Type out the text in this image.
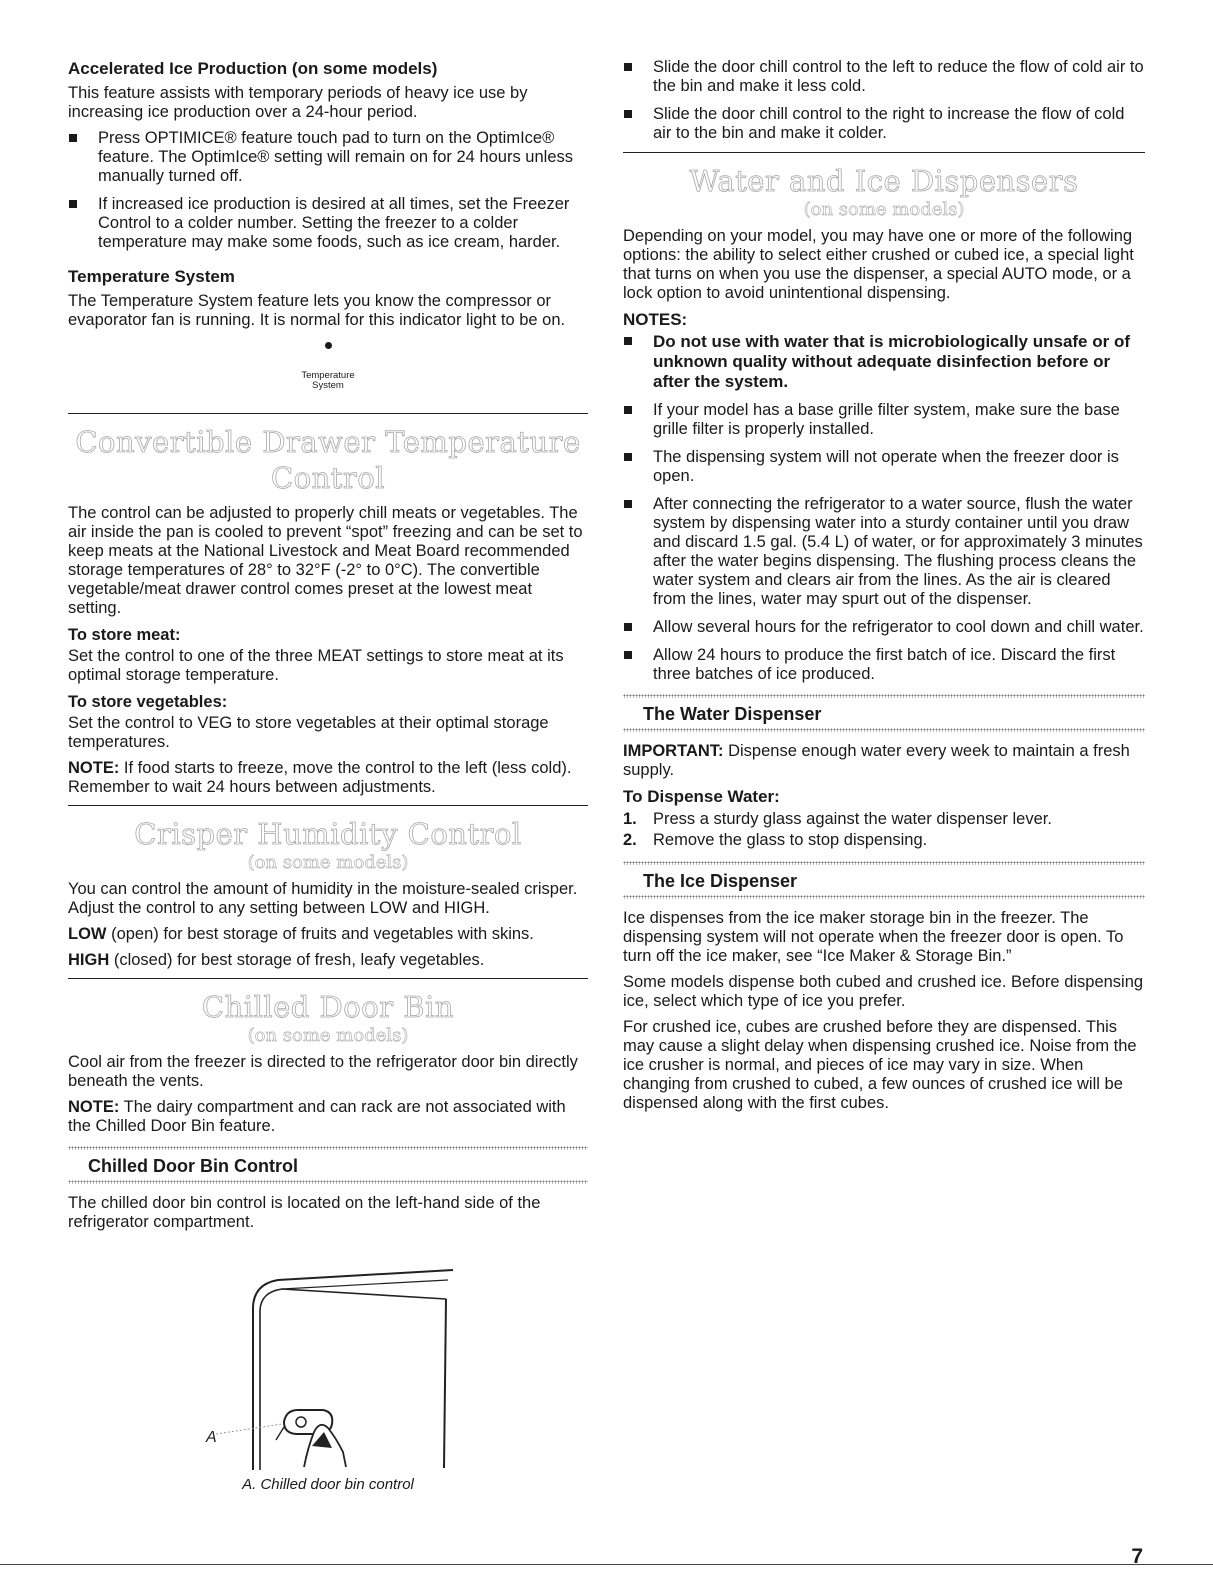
Accelerated Ice Production (on some models)

This feature assists with temporary periods of heavy ice use by increasing ice production over a 24-hour period.

Press OPTIMICE® feature touch pad to turn on the OptimIce® feature. The OptimIce® setting will remain on for 24 hours unless manually turned off.
If increased ice production is desired at all times, set the Freezer Control to a colder number. Setting the freezer to a colder temperature may make some foods, such as ice cream, harder.
Temperature System

The Temperature System feature lets you know the compressor or evaporator fan is running. It is normal for this indicator light to be on.

Temperature
System
Convertible Drawer Temperature Control

The control can be adjusted to properly chill meats or vegetables. The air inside the pan is cooled to prevent “spot” freezing and can be set to keep meats at the National Livestock and Meat Board recommended storage temperatures of 28° to 32°F (-2° to 0°C). The convertible vegetable/meat drawer control comes preset at the lowest meat setting.

To store meat:

Set the control to one of the three MEAT settings to store meat at its optimal storage temperature.

To store vegetables:

Set the control to VEG to store vegetables at their optimal storage temperatures.

NOTE: If food starts to freeze, move the control to the left (less cold). Remember to wait 24 hours between adjustments.

Crisper Humidity Control
(on some models)

You can control the amount of humidity in the moisture-sealed crisper. Adjust the control to any setting between LOW and HIGH.

LOW (open) for best storage of fruits and vegetables with skins.

HIGH (closed) for best storage of fresh, leafy vegetables.

Chilled Door Bin
(on some models)

Cool air from the freezer is directed to the refrigerator door bin directly beneath the vents.

NOTE: The dairy compartment and can rack are not associated with the Chilled Door Bin feature.

Chilled Door Bin Control

The chilled door bin control is located on the left-hand side of the refrigerator compartment.

A
A. Chilled door bin control
Slide the door chill control to the left to reduce the flow of cold air to the bin and make it less cold.
Slide the door chill control to the right to increase the flow of cold air to the bin and make it colder.
Water and Ice Dispensers
(on some models)

Depending on your model, you may have one or more of the following options: the ability to select either crushed or cubed ice, a special light that turns on when you use the dispenser, a special AUTO mode, or a lock option to avoid unintentional dispensing.

NOTES:
Do not use with water that is microbiologically unsafe or of unknown quality without adequate disinfection before or after the system.
If your model has a base grille filter system, make sure the base grille filter is properly installed.
The dispensing system will not operate when the freezer door is open.
After connecting the refrigerator to a water source, flush the water system by dispensing water into a sturdy container until you draw and discard 1.5 gal. (5.4 L) of water, or for approximately 3 minutes after the water begins dispensing. The flushing process cleans the water system and clears air from the lines. As the air is cleared from the lines, water may spurt out of the dispenser.
Allow several hours for the refrigerator to cool down and chill water.
Allow 24 hours to produce the first batch of ice. Discard the first three batches of ice produced.
The Water Dispenser

IMPORTANT: Dispense enough water every week to maintain a fresh supply.

To Dispense Water:
1. Press a sturdy glass against the water dispenser lever.
2. Remove the glass to stop dispensing.
The Ice Dispenser

Ice dispenses from the ice maker storage bin in the freezer. The dispensing system will not operate when the freezer door is open. To turn off the ice maker, see “Ice Maker & Storage Bin.”

Some models dispense both cubed and crushed ice. Before dispensing ice, select which type of ice you prefer.

For crushed ice, cubes are crushed before they are dispensed. This may cause a slight delay when dispensing crushed ice. Noise from the ice crusher is normal, and pieces of ice may vary in size. When changing from crushed to cubed, a few ounces of crushed ice will be dispensed along with the first cubes.

7
